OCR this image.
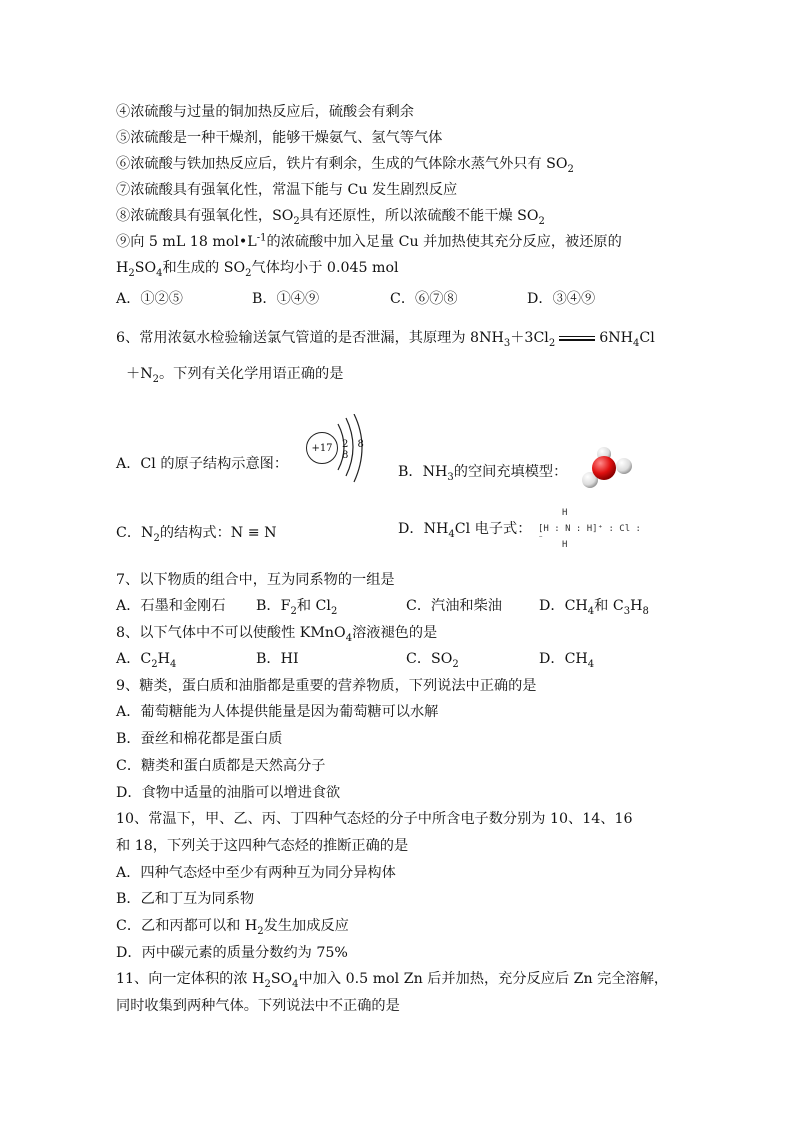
④浓硫酸与过量的铜加热反应后，硫酸会有剩余
⑤浓硫酸是一种干燥剂，能够干燥氨气、氢气等气体
⑥浓硫酸与铁加热反应后，铁片有剩余，生成的气体除水蒸气外只有 $SO_2$
⑦浓硫酸具有强氧化性，常温下能与 Cu 发生剧烈反应
⑧浓硫酸具有强氧化性，$SO_2$具有还原性，所以浓硫酸不能干燥 $SO_2$
⑨向 5 mL 18 $mol•L^{-1}$的浓硫酸中加入足量 Cu 并加热使其充分反应，被还原的
$H_2SO_4$和生成的 $SO_2$气体均小于 0.045 mol
A．①②⑤	B．①④⑨	C．⑥⑦⑧	D．③④⑨
6、常用浓氨水检验输送氯气管道的是否泄漏，其原理为 $8NH_3+3Cl_2$	$6NH_4Cl$
$+N_2$。下列有关化学用语正确的是
A．Cl 的原子结构示意图：
+17 2 8 8
B．$NH_3$的空间充填模型：
C．$N_2$的结构式：N ≡ N	D．$NH_4Cl$ 电子式：
H
[H : N : H]⁺ : Cl : ⁻
H
7、以下物质的组合中，互为同系物的一组是
A．石墨和金刚石 B．$F_2$和 $Cl_2$	C．汽油和柴油	D．$CH_4$和 $C_3H_8$
8、以下气体中不可以使酸性 KMnO$_4$溶液褪色的是
A．$C_2H_4$	B．HI	C．$SO_2$	D．$CH_4$
9、糖类，蛋白质和油脂都是重要的营养物质，下列说法中正确的是
A．葡萄糖能为人体提供能量是因为葡萄糖可以水解
B．蚕丝和棉花都是蛋白质
C．糖类和蛋白质都是天然高分子
D．食物中适量的油脂可以增进食欲
10、常温下，甲、乙、丙、丁四种气态烃的分子中所含电子数分别为 10、14、16
和 18，下列关于这四种气态烃的推断正确的是
A．四种气态烃中至少有两种互为同分异构体
B．乙和丁互为同系物
C．乙和丙都可以和 $H_2$发生加成反应
D．丙中碳元素的质量分数约为 75%
11、向一定体积的浓 $H_2SO_4$中加入 0.5 mol Zn 后并加热，充分反应后 Zn 完全溶解，
同时收集到两种气体。下列说法中不正确的是
